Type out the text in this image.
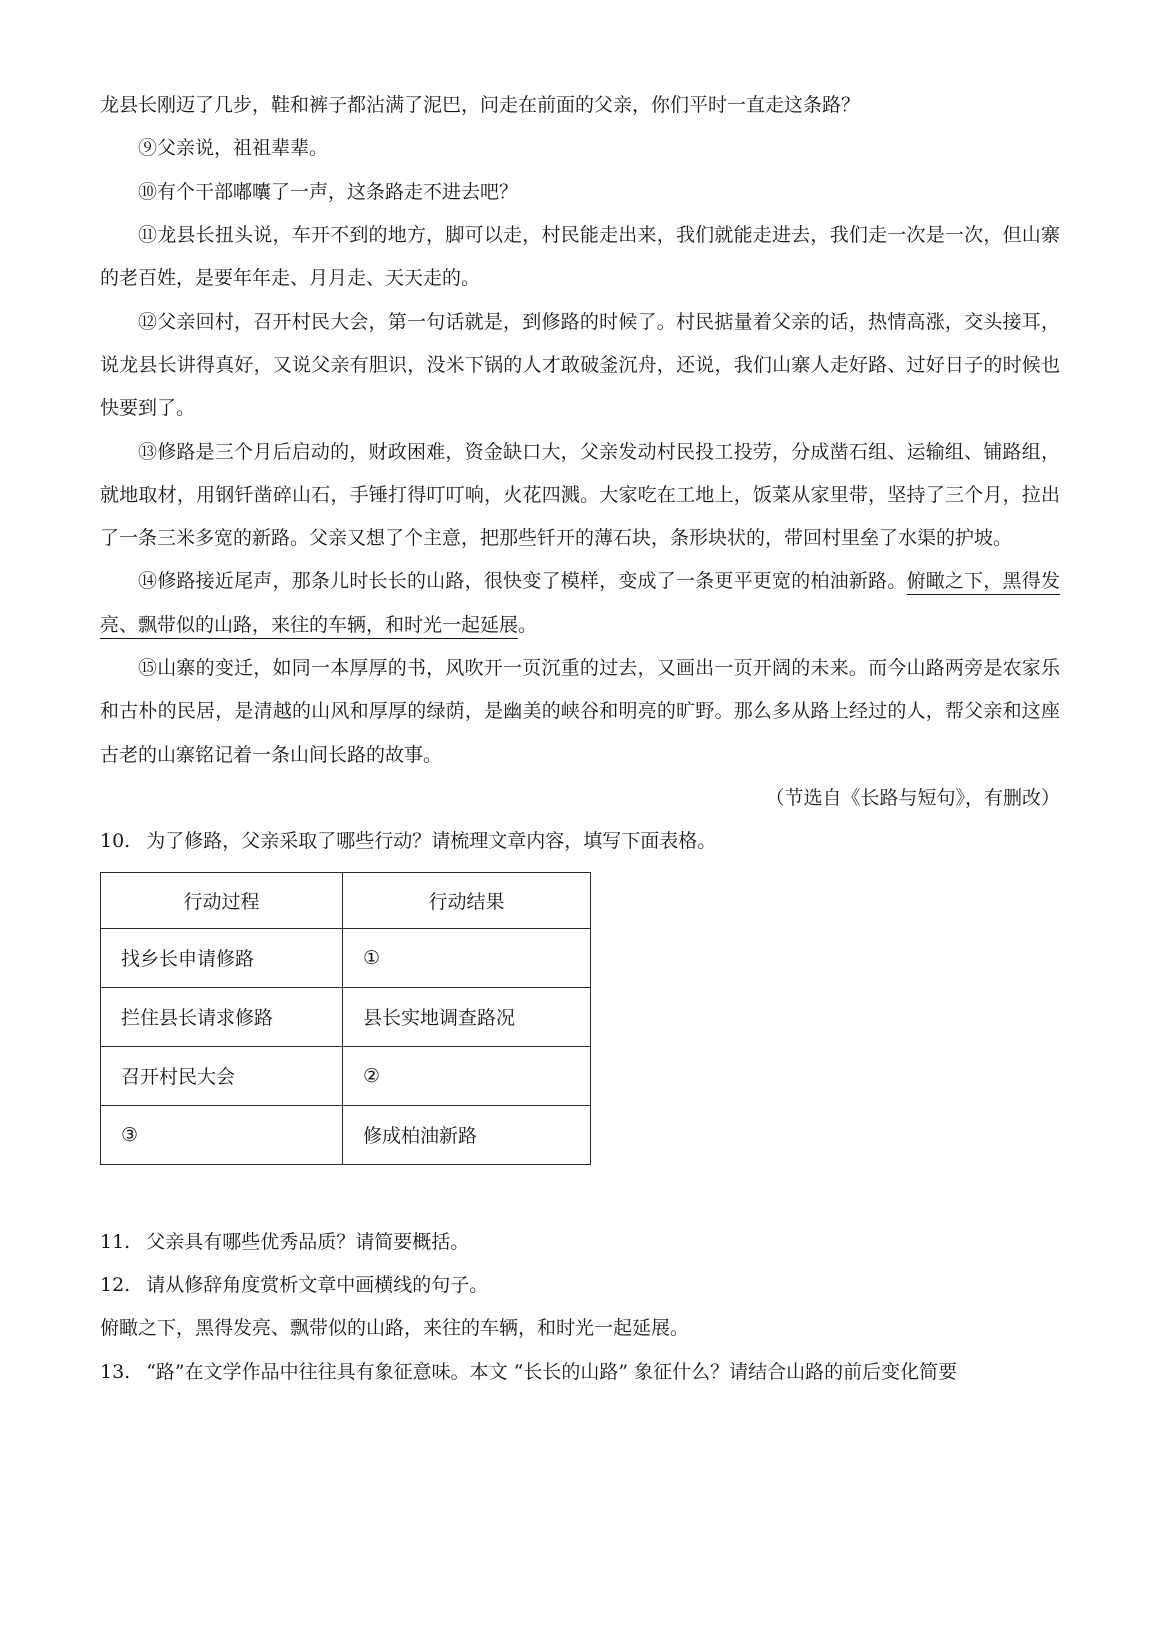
龙县长刚迈了几步，鞋和裤子都沾满了泥巴，问走在前面的父亲，你们平时一直走这条路？

⑨父亲说，祖祖辈辈。

⑩有个干部嘟囔了一声，这条路走不进去吧？

⑪龙县长扭头说，车开不到的地方，脚可以走，村民能走出来，我们就能走进去，我们走一次是一次，但山寨的老百姓，是要年年走、月月走、天天走的。

⑫父亲回村，召开村民大会，第一句话就是，到修路的时候了。村民掂量着父亲的话，热情高涨，交头接耳，说龙县长讲得真好，又说父亲有胆识，没米下锅的人才敢破釜沉舟，还说，我们山寨人走好路、过好日子的时候也快要到了。

⑬修路是三个月后启动的，财政困难，资金缺口大，父亲发动村民投工投劳，分成凿石组、运输组、铺路组，就地取材，用钢钎凿碎山石，手锤打得叮叮响，火花四溅。大家吃在工地上，饭菜从家里带，坚持了三个月，拉出了一条三米多宽的新路。父亲又想了个主意，把那些钎开的薄石块，条形块状的，带回村里垒了水渠的护坡。

⑭修路接近尾声，那条儿时长长的山路，很快变了模样，变成了一条更平更宽的柏油新路。俯瞰之下，黑得发亮、飘带似的山路，来往的车辆，和时光一起延展。

⑮山寨的变迁，如同一本厚厚的书，风吹开一页沉重的过去，又画出一页开阔的未来。而今山路两旁是农家乐和古朴的民居，是清越的山风和厚厚的绿荫，是幽美的峡谷和明亮的旷野。那么多从路上经过的人，帮父亲和这座古老的山寨铭记着一条山间长路的故事。

（节选自《长路与短句》，有删改）

10. 为了修路，父亲采取了哪些行动？请梳理文章内容，填写下面表格。

行动过程	行动结果
找乡长申请修路	①
拦住县长请求修路	县长实地调查路况
召开村民大会	②
③	修成柏油新路

11. 父亲具有哪些优秀品质？请简要概括。

12. 请从修辞角度赏析文章中画横线的句子。

俯瞰之下，黑得发亮、飘带似的山路，来往的车辆，和时光一起延展。

13. “路”在文学作品中往往具有象征意味。本文 “长长的山路” 象征什么？请结合山路的前后变化简要
